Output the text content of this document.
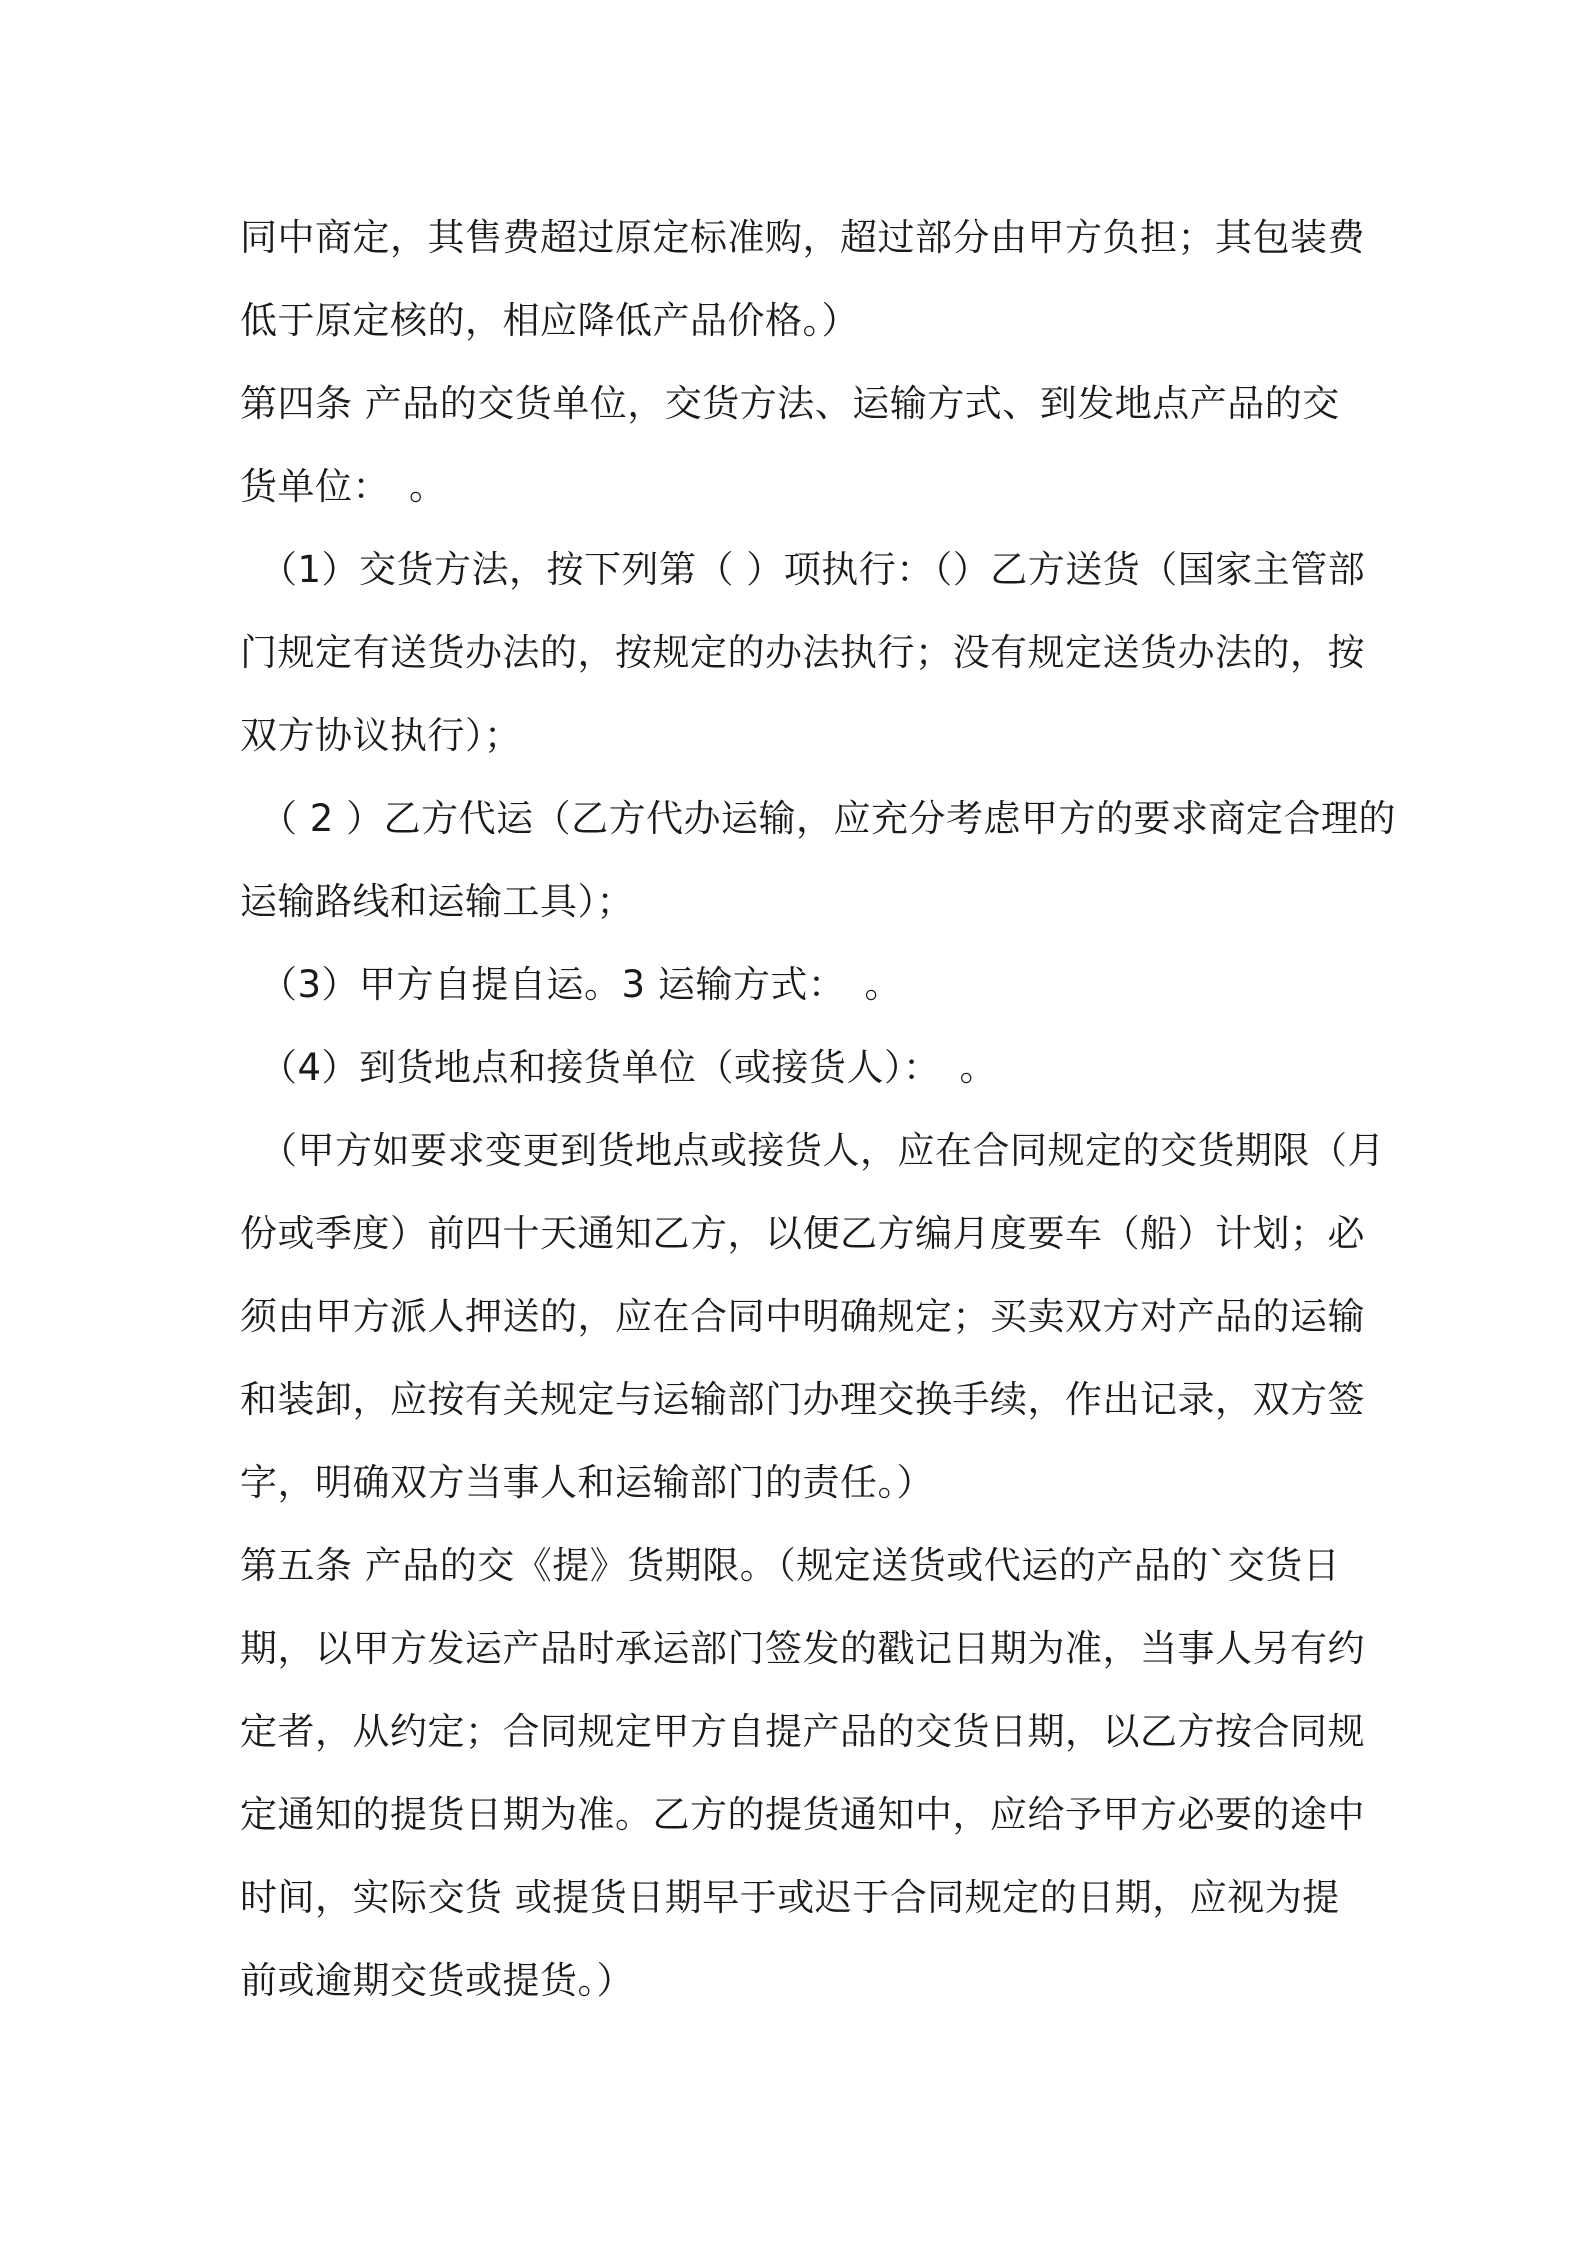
同中商定，其售费超过原定标准购，超过部分由甲方负担；其包装费
低于原定核的，相应降低产品价格。）
第四条 产品的交货单位，交货方法、运输方式、到发地点产品的交
货单位：　。
（1）交货方法，按下列第（ ）项执行：（）乙方送货（国家主管部
门规定有送货办法的，按规定的办法执行；没有规定送货办法的，按
双方协议执行）；
（ 2 ）乙方代运（乙方代办运输，应充分考虑甲方的要求商定合理的
运输路线和运输工具）；
（3）甲方自提自运。3 运输方式：　。
（4）到货地点和接货单位（或接货人）：　。
（甲方如要求变更到货地点或接货人，应在合同规定的交货期限（月
份或季度）前四十天通知乙方，以便乙方编月度要车（船）计划；必
须由甲方派人押送的，应在合同中明确规定；买卖双方对产品的运输
和装卸，应按有关规定与运输部门办理交换手续，作出记录，双方签
字，明确双方当事人和运输部门的责任。）
第五条 产品的交《提》货期限。（规定送货或代运的产品的`交货日
期，以甲方发运产品时承运部门签发的戳记日期为准，当事人另有约
定者，从约定；合同规定甲方自提产品的交货日期，以乙方按合同规
定通知的提货日期为准。乙方的提货通知中，应给予甲方必要的途中
时间，实际交货 或提货日期早于或迟于合同规定的日期，应视为提
前或逾期交货或提货。）
